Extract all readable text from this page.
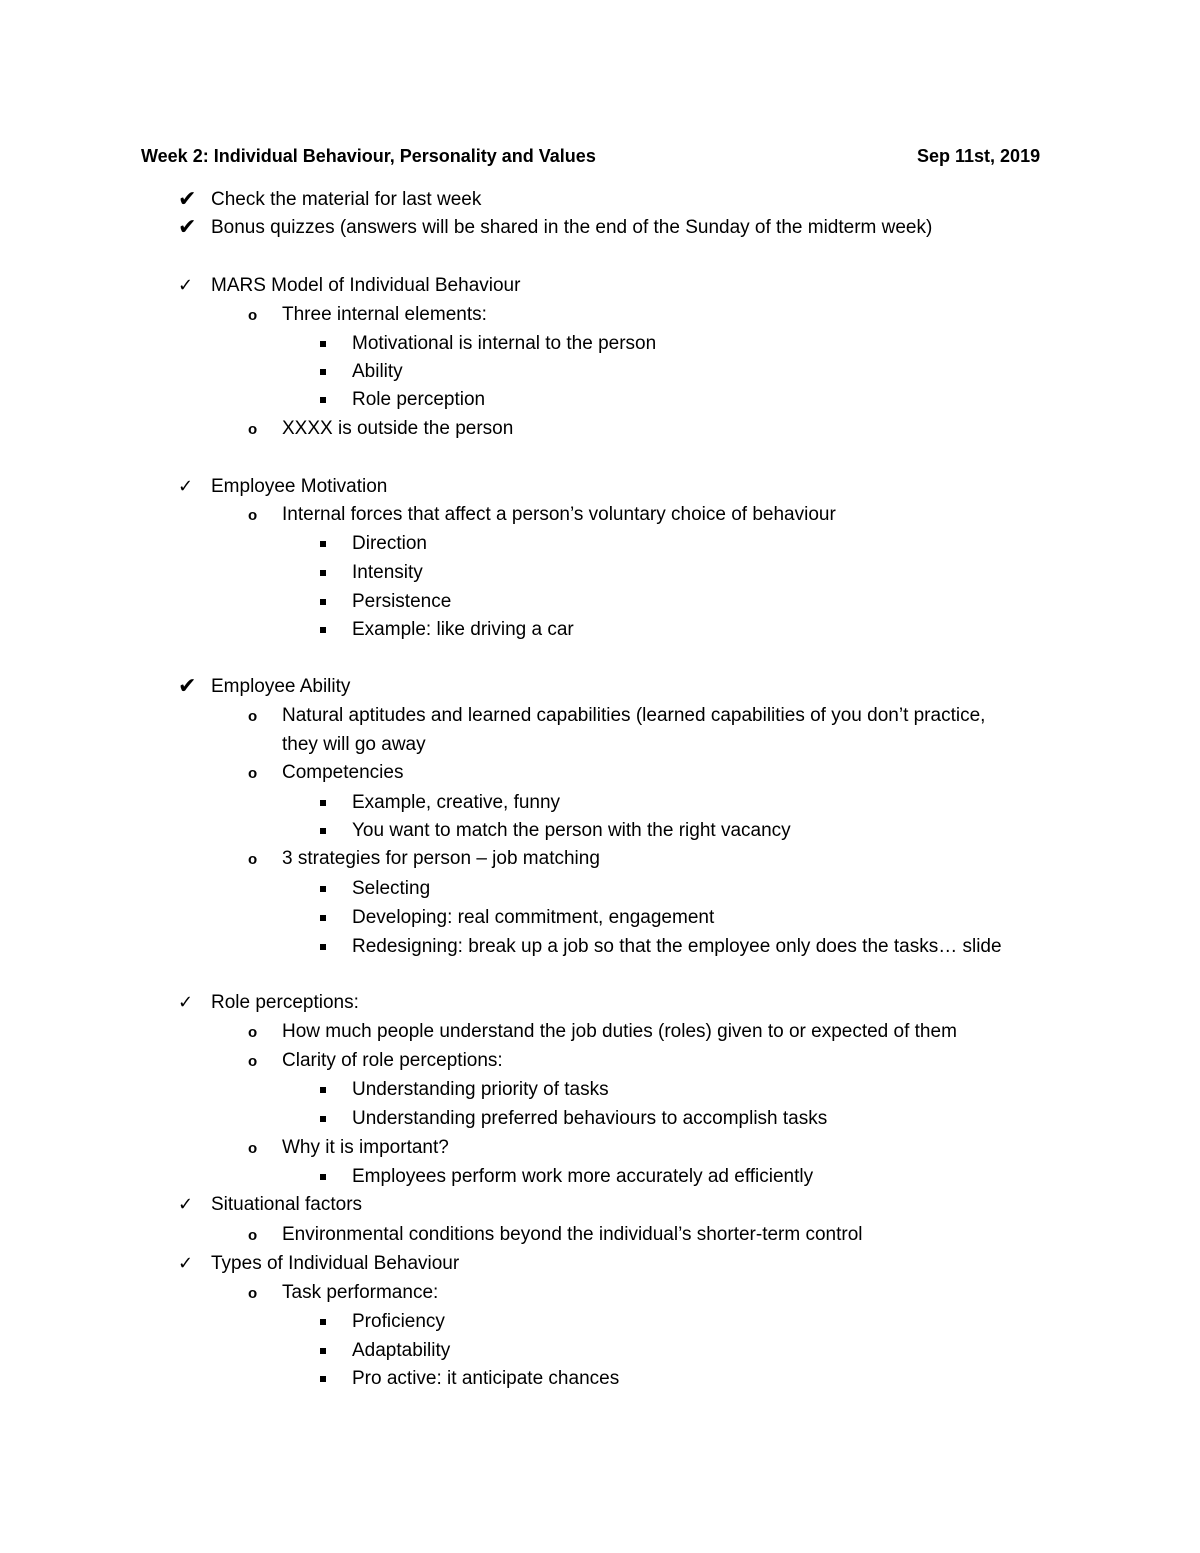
Week 2: Individual Behaviour, Personality and Values	Sep 11st, 2019
✔ Check the material for last week
✔ Bonus quizzes (answers will be shared in the end of the Sunday of the midterm week)
✓ MARS Model of Individual Behaviour
o Three internal elements:
Motivational is internal to the person
Ability
Role perception
o XXXX is outside the person
✓ Employee Motivation
o Internal forces that affect a person’s voluntary choice of behaviour
Direction
Intensity
Persistence
Example: like driving a car
✔ Employee Ability
o Natural aptitudes and learned capabilities (learned capabilities of you don’t practice,
they will go away
o Competencies
Example, creative, funny
You want to match the person with the right vacancy
o 3 strategies for person – job matching
Selecting
Developing: real commitment, engagement
Redesigning: break up a job so that the employee only does the tasks… slide
✓ Role perceptions:
o How much people understand the job duties (roles) given to or expected of them
o Clarity of role perceptions:
Understanding priority of tasks
Understanding preferred behaviours to accomplish tasks
o Why it is important?
Employees perform work more accurately ad efficiently
✓ Situational factors
o Environmental conditions beyond the individual’s shorter-term control
✓ Types of Individual Behaviour
o Task performance:
Proficiency
Adaptability
Pro active: it anticipate chances
